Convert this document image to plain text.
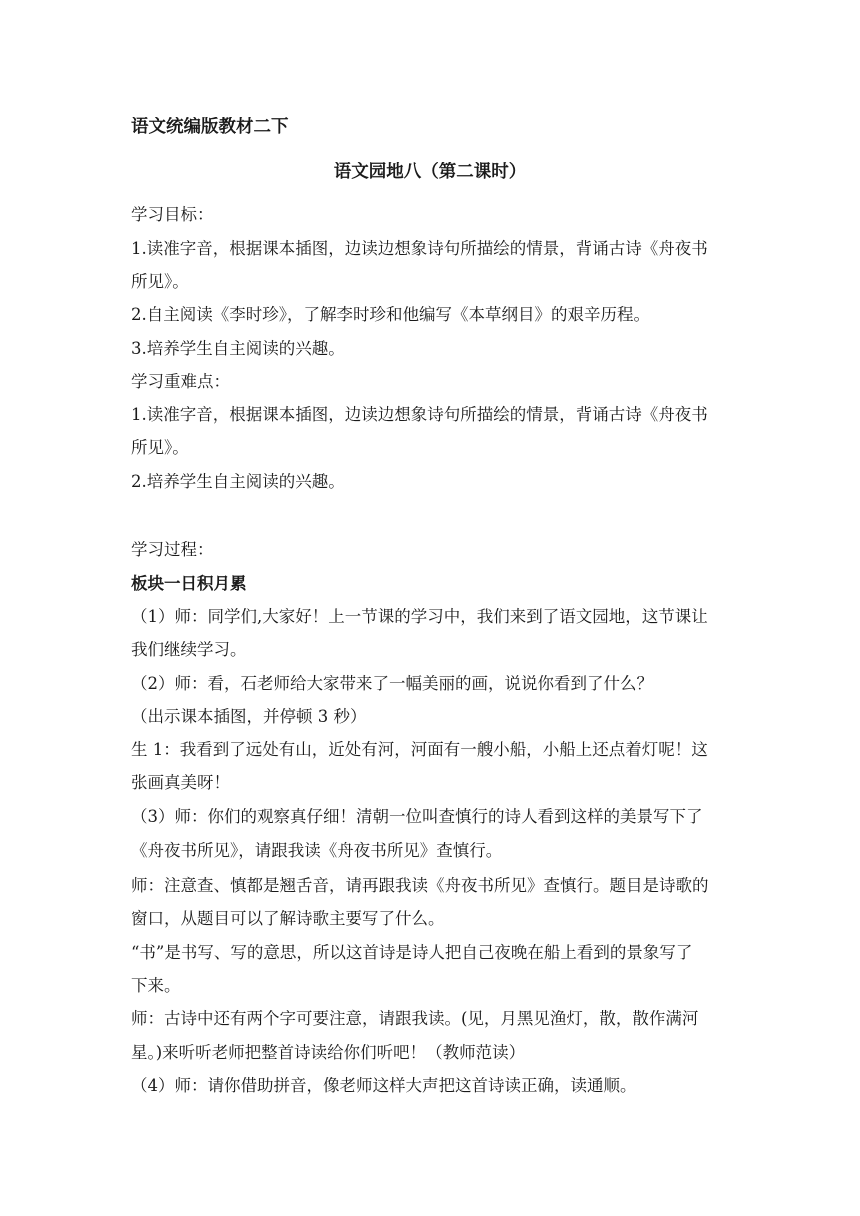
语文统编版教材二下
语文园地八（第二课时）
学习目标：
1.读准字音，根据课本插图，边读边想象诗句所描绘的情景，背诵古诗《舟夜书
所见》。
2.自主阅读《李时珍》，了解李时珍和他编写《本草纲目》的艰辛历程。
3.培养学生自主阅读的兴趣。
学习重难点：
1.读准字音，根据课本插图，边读边想象诗句所描绘的情景，背诵古诗《舟夜书
所见》。
2.培养学生自主阅读的兴趣。
学习过程：
板块一日积月累
（1）师：同学们,大家好！上一节课的学习中，我们来到了语文园地，这节课让
我们继续学习。
（2）师：看，石老师给大家带来了一幅美丽的画，说说你看到了什么？
（出示课本插图，并停顿 3 秒）
生 1：我看到了远处有山，近处有河，河面有一艘小船，小船上还点着灯呢！这
张画真美呀！
（3）师：你们的观察真仔细！清朝一位叫查慎行的诗人看到这样的美景写下了
《舟夜书所见》，请跟我读《舟夜书所见》查慎行。
师：注意查、慎都是翘舌音，请再跟我读《舟夜书所见》查慎行。题目是诗歌的
窗口，从题目可以了解诗歌主要写了什么。
“书”是书写、写的意思，所以这首诗是诗人把自己夜晚在船上看到的景象写了
下来。
师：古诗中还有两个字可要注意，请跟我读。(见，月黑见渔灯，散，散作满河
星。)来听听老师把整首诗读给你们听吧！（教师范读）
（4）师：请你借助拼音，像老师这样大声把这首诗读正确，读通顺。
